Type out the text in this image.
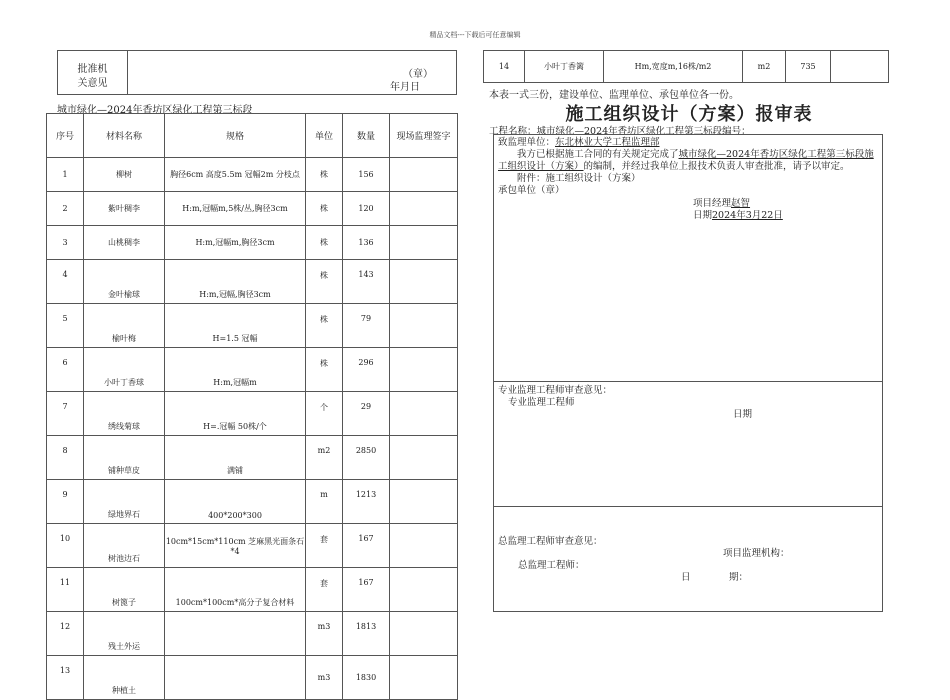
精品文档---下载后可任意编辑
批准机
关意见
（章）
年月日
城市绿化—2024年香坊区绿化工程第三标段
序号	材料名称	规格	单位	数量	现场监理签字
1	柳树	胸径6cm 高度5.5m 冠幅2m 分枝点	株	156	
2	紫叶稠李	H:m,冠幅m,5株/丛,胸径3cm	株	120	
3	山桃稠李	H:m,冠幅m,胸径3cm	株	136	
4	金叶榆球	H:m,冠幅,胸径3cm	株	143	
5	榆叶梅	H=1.5 冠幅	株	79	
6	小叶丁香球	H:m,冠幅m	株	296	
7	绣线菊球	H=.冠幅 50株/个	个	29	
8	铺种草皮	满铺	m2	2850	
9	绿地界石	400*200*300	m	1213	
10	树池边石	10cm*15cm*110cm 芝麻黑光面条石*4	套	167	
11	树篦子	100cm*100cm*高分子复合材料	套	167	
12	残土外运		m3	1813	
13	种植土		m3	1830	
14	小叶丁香篱	Hm,宽度m,16株/m2	m2	735	
本表一式三份，建设单位、监理单位、承包单位各一份。
施工组织设计（方案）报审表
工程名称：城市绿化—2024年香坊区绿化工程第三标段编号：
致监理单位：东北林业大学工程监理部
我方已根据施工合同的有关规定完成了城市绿化—2024年香坊区绿化工程第三标段施工组织设计（方案）的编制，并经过我单位上报技术负责人审查批准，请予以审定。
附件：施工组织设计（方案）
承包单位（章）
项目经理赵智
日期2024年3月22日
专业监理工程师审查意见：
专业监理工程师
日期
总监理工程师审查意见：
项目监理机构：
总监理工程师：
日	期：
